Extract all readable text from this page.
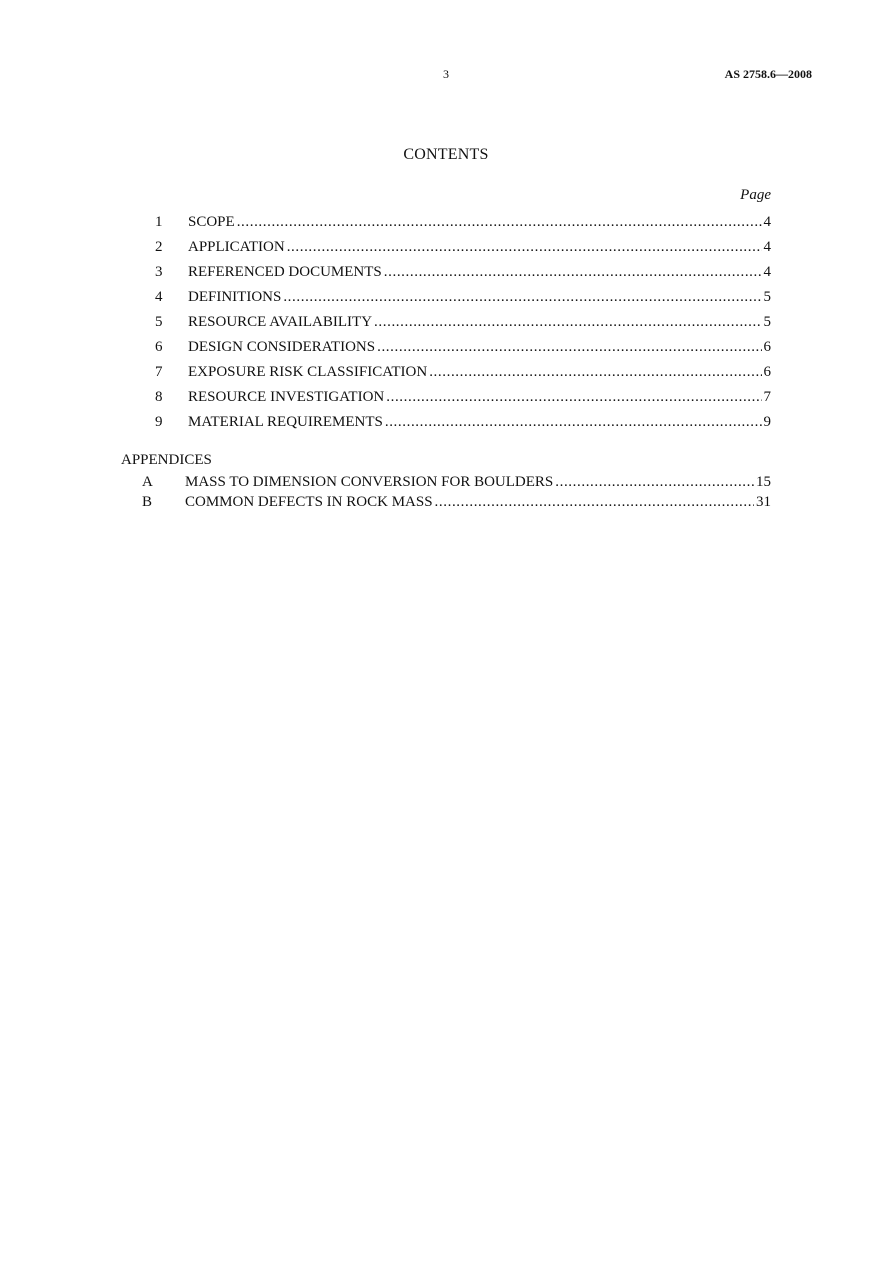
3	AS 2758.6—2008
CONTENTS
Page
1	SCOPE .....	4
2	APPLICATION .....	4
3	REFERENCED DOCUMENTS .....	4
4	DEFINITIONS .....	5
5	RESOURCE AVAILABILITY .....	5
6	DESIGN CONSIDERATIONS .....	6
7	EXPOSURE RISK CLASSIFICATION .....	6
8	RESOURCE INVESTIGATION .....	7
9	MATERIAL REQUIREMENTS .....	9
APPENDICES
A	MASS TO DIMENSION CONVERSION FOR BOULDERS .....	15
B	COMMON DEFECTS IN ROCK MASS .....	31
